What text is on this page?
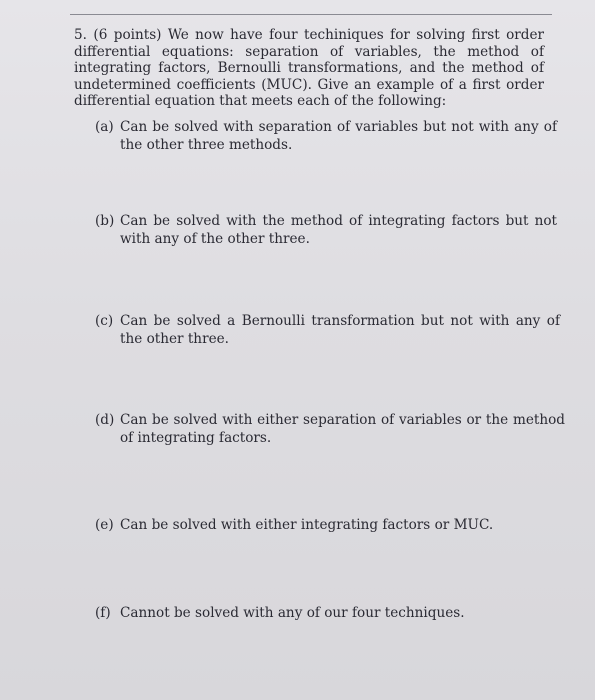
5. (6 points) We now have four techiniques for solving first order differential equations: separation of variables, the method of integrating factors, Bernoulli transformations, and the method of undetermined coefficients (MUC). Give an example of a first order differential equation that meets each of the following:
(a) Can be solved with separation of variables but not with any of the other three methods.
(b) Can be solved with the method of integrating factors but not with any of the other three.
(c) Can be solved a Bernoulli transformation but not with any of the other three.
(d) Can be solved with either separation of variables or the method of integrating factors.
(e) Can be solved with either integrating factors or MUC.
(f) Cannot be solved with any of our four techniques.
